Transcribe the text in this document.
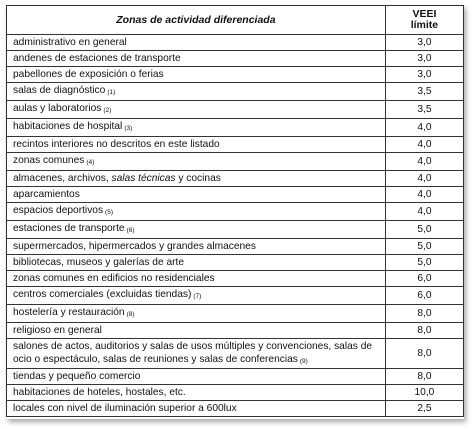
Zonas de actividad diferenciada	VEEI
límite
administrativo en general	3,0
andenes de estaciones de transporte	3,0
pabellones de exposición o ferias	3,0
salas de diagnóstico (1)	3,5
aulas y laboratorios (2)	3,5
habitaciones de hospital (3)	4,0
recintos interiores no descritos en este listado	4,0
zonas comunes (4)	4,0
almacenes, archivos, salas técnicas y cocinas	4,0
aparcamientos	4,0
espacios deportivos (5)	4,0
estaciones de transporte (6)	5,0
supermercados, hipermercados y grandes almacenes	5,0
bibliotecas, museos y galerías de arte	5,0
zonas comunes en edificios no residenciales	6,0
centros comerciales (excluidas tiendas) (7)	6,0
hostelería y restauración (8)	8,0
religioso en general	8,0
salones de actos, auditorios y salas de usos múltiples y convenciones, salas de ocio o espectáculo, salas de reuniones y salas de conferencias (9)	8,0
tiendas y pequeño comercio	8,0
habitaciones de hoteles, hostales, etc.	10,0
locales con nivel de iluminación superior a 600lux	2,5
